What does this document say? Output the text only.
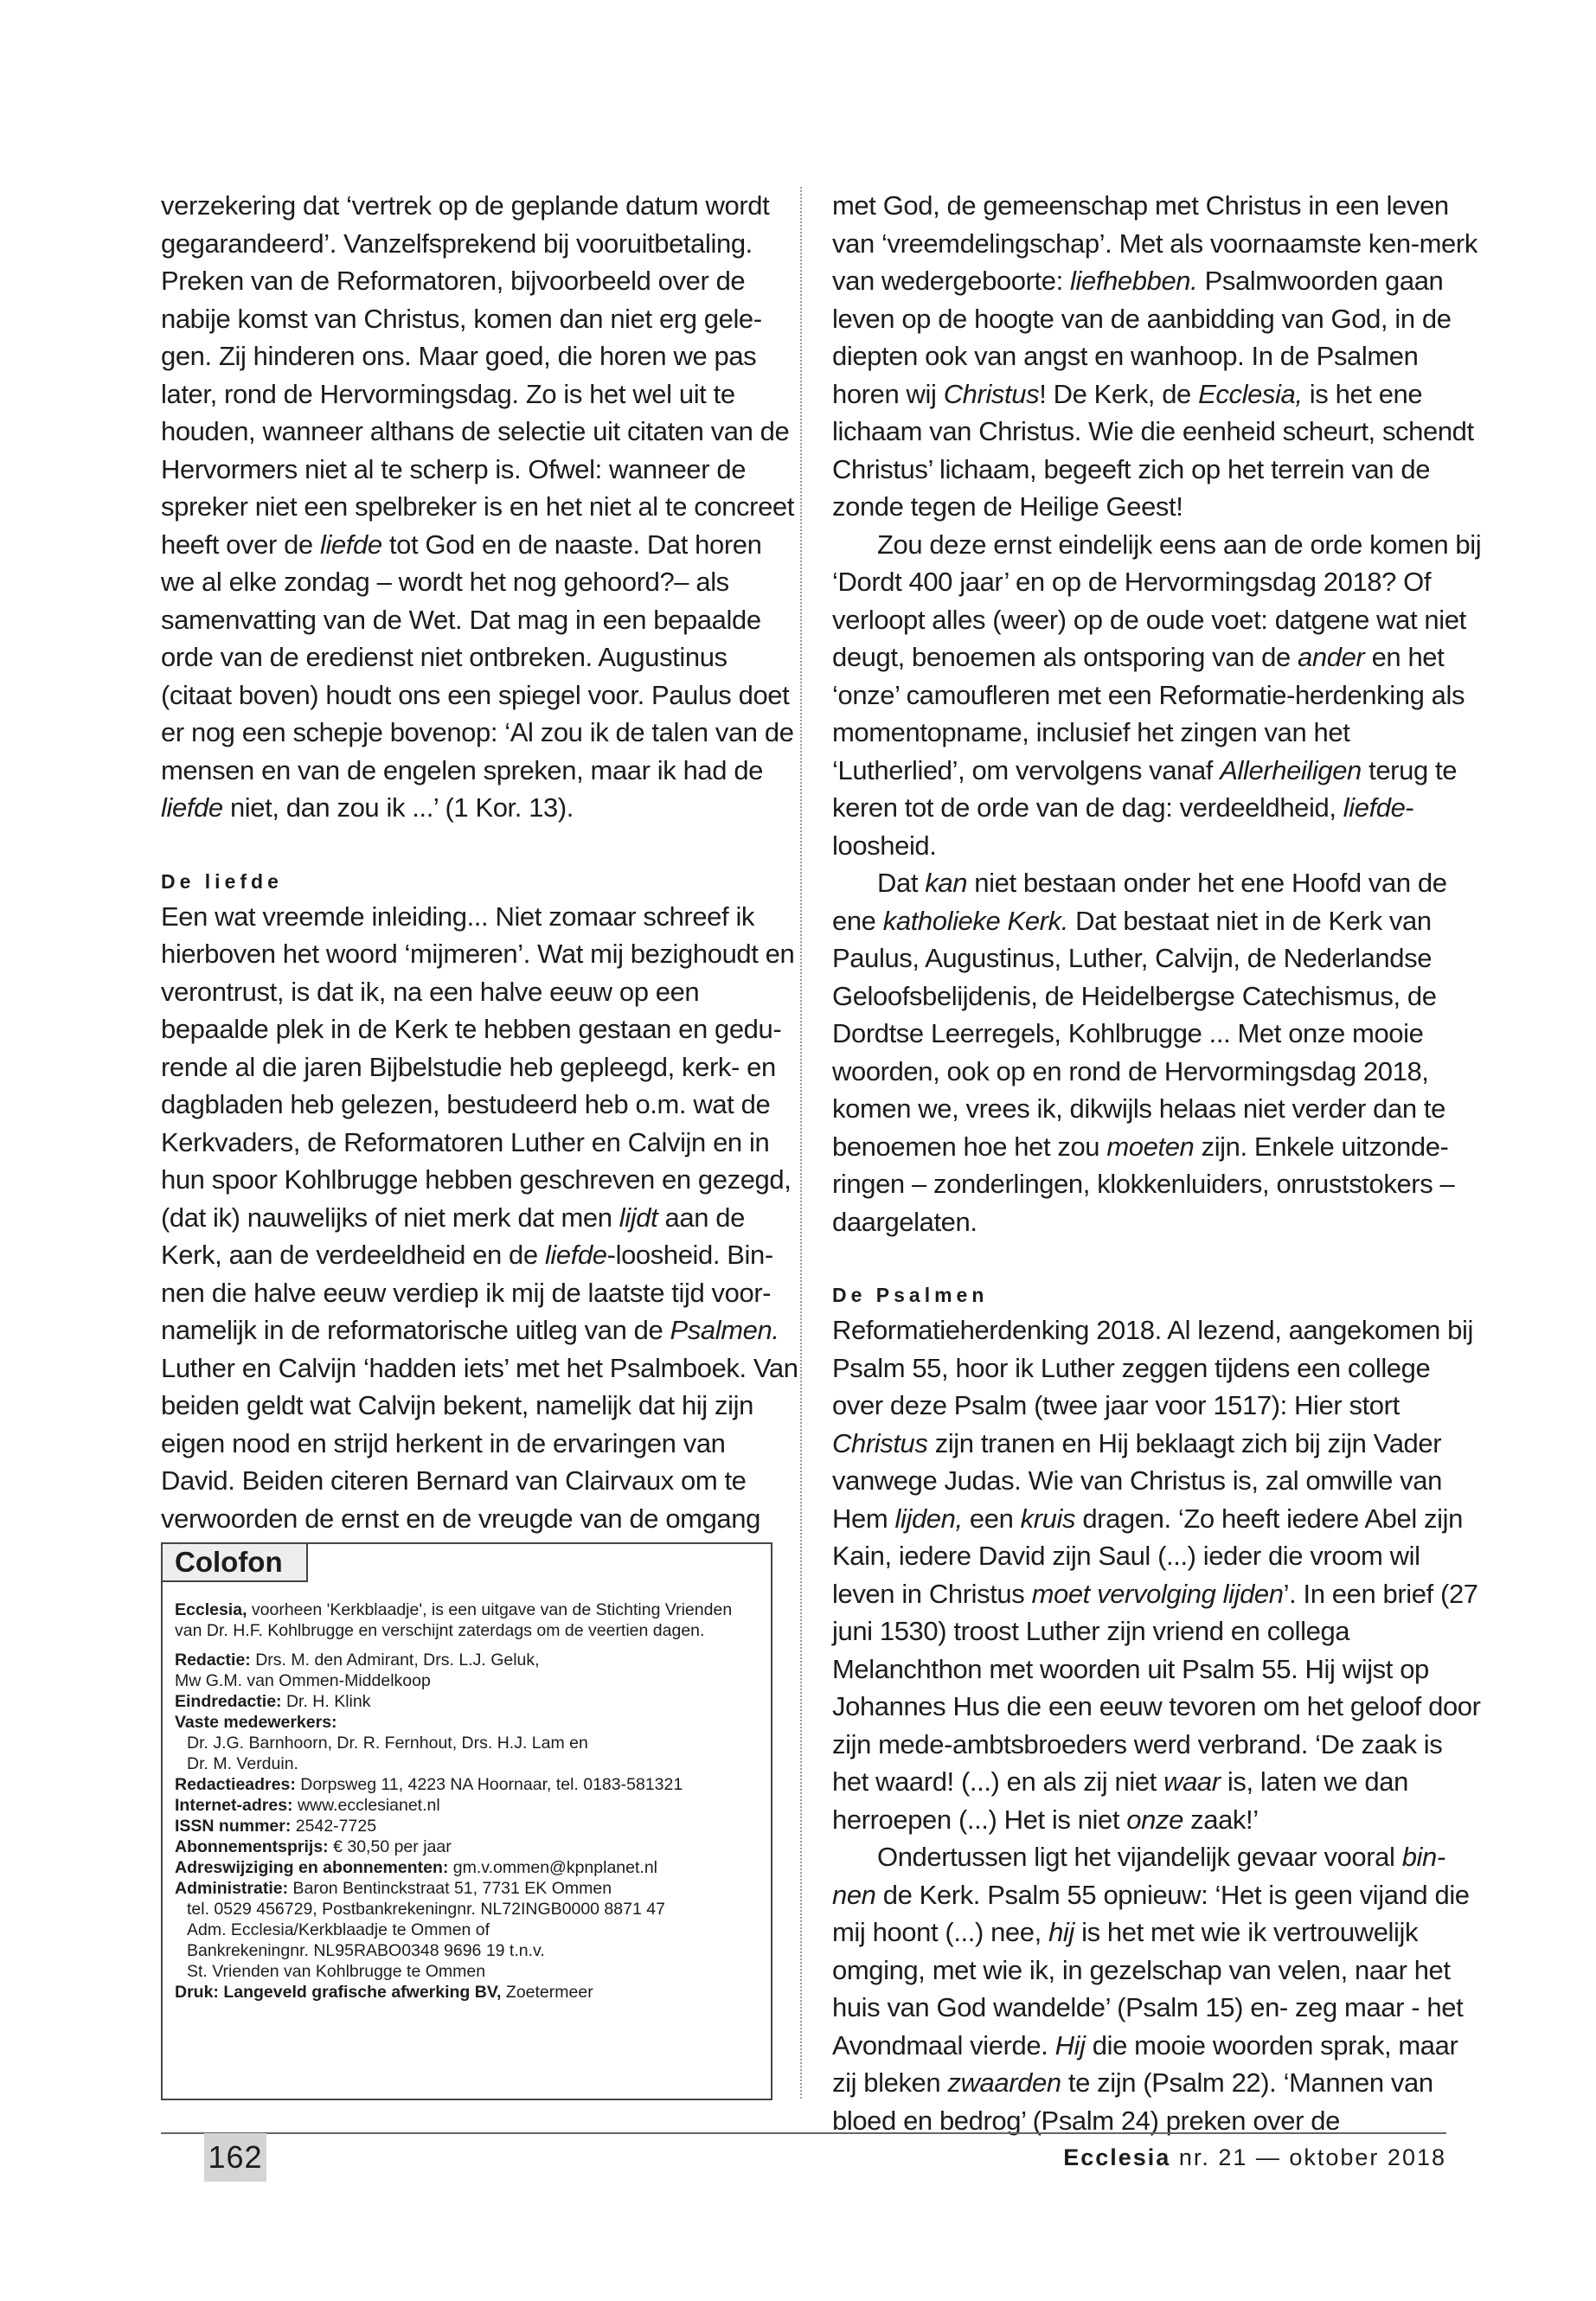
verzekering dat ‘vertrek op de geplande datum wordt gegarandeerd’. Vanzelfsprekend bij vooruitbetaling. Preken van de Reformatoren, bijvoorbeeld over de nabije komst van Christus, komen dan niet erg gele-gen. Zij hinderen ons. Maar goed, die horen we pas later, rond de Hervormingsdag. Zo is het wel uit te houden, wanneer althans de selectie uit citaten van de Hervormers niet al te scherp is. Ofwel: wanneer de spreker niet een spelbreker is en het niet al te concreet heeft over de liefde tot God en de naaste. Dat horen we al elke zondag – wordt het nog gehoord?– als samenvatting van de Wet. Dat mag in een bepaalde orde van de eredienst niet ontbreken. Augustinus (citaat boven) houdt ons een spiegel voor. Paulus doet er nog een schepje bovenop: ‘Al zou ik de talen van de mensen en van de engelen spreken, maar ik had de liefde niet, dan zou ik ...’ (1 Kor. 13).

De liefde

Een wat vreemde inleiding... Niet zomaar schreef ik hierboven het woord ‘mijmeren’. Wat mij bezighoudt en verontrust, is dat ik, na een halve eeuw op een bepaalde plek in de Kerk te hebben gestaan en gedu-rende al die jaren Bijbelstudie heb gepleegd, kerk- en dagbladen heb gelezen, bestudeerd heb o.m. wat de Kerkvaders, de Reformatoren Luther en Calvijn en in hun spoor Kohlbrugge hebben geschreven en gezegd, (dat ik) nauwelijks of niet merk dat men lijdt aan de Kerk, aan de verdeeldheid en de liefde-loosheid. Bin-nen die halve eeuw verdiep ik mij de laatste tijd voor-namelijk in de reformatorische uitleg van de Psalmen. Luther en Calvijn ‘hadden iets’ met het Psalmboek. Van beiden geldt wat Calvijn bekent, namelijk dat hij zijn eigen nood en strijd herkent in de ervaringen van David. Beiden citeren Bernard van Clairvaux om te verwoorden de ernst en de vreugde van de omgang

Colofon

Ecclesia, voorheen 'Kerkblaadje', is een uitgave van de Stichting Vrienden van Dr. H.F. Kohlbrugge en verschijnt zaterdags om de veertien dagen.

Redactie: Drs. M. den Admirant, Drs. L.J. Geluk,

Mw G.M. van Ommen-Middelkoop

Eindredactie: Dr. H. Klink

Vaste medewerkers:

Dr. J.G. Barnhoorn, Dr. R. Fernhout, Drs. H.J. Lam en

Dr. M. Verduin.

Redactieadres: Dorpsweg 11, 4223 NA Hoornaar, tel. 0183-581321

Internet-adres: www.ecclesianet.nl

ISSN nummer: 2542-7725

Abonnementsprijs: € 30,50 per jaar

Adreswijziging en abonnementen: gm.v.ommen@kpnplanet.nl

Administratie: Baron Bentinckstraat 51, 7731 EK Ommen

tel. 0529 456729, Postbankrekeningnr. NL72INGB0000 8871 47

Adm. Ecclesia/Kerkblaadje te Ommen of

Bankrekeningnr. NL95RABO0348 9696 19 t.n.v.

St. Vrienden van Kohlbrugge te Ommen

Druk: Langeveld grafische afwerking BV, Zoetermeer

met God, de gemeenschap met Christus in een leven van ‘vreemdelingschap’. Met als voornaamste ken-merk van wedergeboorte: liefhebben. Psalmwoorden gaan leven op de hoogte van de aanbidding van God, in de diepten ook van angst en wanhoop. In de Psalmen horen wij Christus! De Kerk, de Ecclesia, is het ene lichaam van Christus. Wie die eenheid scheurt, schendt Christus’ lichaam, begeeft zich op het terrein van de zonde tegen de Heilige Geest!

Zou deze ernst eindelijk eens aan de orde komen bij ‘Dordt 400 jaar’ en op de Hervormingsdag 2018? Of verloopt alles (weer) op de oude voet: datgene wat niet deugt, benoemen als ontsporing van de ander en het ‘onze’ camoufleren met een Reformatie-herdenking als momentopname, inclusief het zingen van het ‘Lutherlied’, om vervolgens vanaf Allerheiligen terug te keren tot de orde van de dag: verdeeldheid, liefde-loosheid.

Dat kan niet bestaan onder het ene Hoofd van de ene katholieke Kerk. Dat bestaat niet in de Kerk van Paulus, Augustinus, Luther, Calvijn, de Nederlandse Geloofsbelijdenis, de Heidelbergse Catechismus, de Dordtse Leerregels, Kohlbrugge ... Met onze mooie woorden, ook op en rond de Hervormingsdag 2018, komen we, vrees ik, dikwijls helaas niet verder dan te benoemen hoe het zou moeten zijn. Enkele uitzonde-ringen – zonderlingen, klokkenluiders, onruststokers – daargelaten.

De Psalmen

Reformatieherdenking 2018. Al lezend, aangekomen bij Psalm 55, hoor ik Luther zeggen tijdens een college over deze Psalm (twee jaar voor 1517): Hier stort Christus zijn tranen en Hij beklaagt zich bij zijn Vader vanwege Judas. Wie van Christus is, zal omwille van Hem lijden, een kruis dragen. ‘Zo heeft iedere Abel zijn Kain, iedere David zijn Saul (...) ieder die vroom wil leven in Christus moet vervolging lijden’. In een brief (27 juni 1530) troost Luther zijn vriend en collega Melanchthon met woorden uit Psalm 55. Hij wijst op Johannes Hus die een eeuw tevoren om het geloof door zijn mede-ambtsbroeders werd verbrand. ‘De zaak is het waard! (...) en als zij niet waar is, laten we dan herroepen (...) Het is niet onze zaak!’

Ondertussen ligt het vijandelijk gevaar vooral bin-nen de Kerk. Psalm 55 opnieuw: ‘Het is geen vijand die mij hoont (...) nee, hij is het met wie ik vertrouwelijk omging, met wie ik, in gezelschap van velen, naar het huis van God wandelde’ (Psalm 15) en- zeg maar - het Avondmaal vierde. Hij die mooie woorden sprak, maar zij bleken zwaarden te zijn (Psalm 22). ‘Mannen van bloed en bedrog’ (Psalm 24) preken over de

162	Ecclesia nr. 21 — oktober 2018
